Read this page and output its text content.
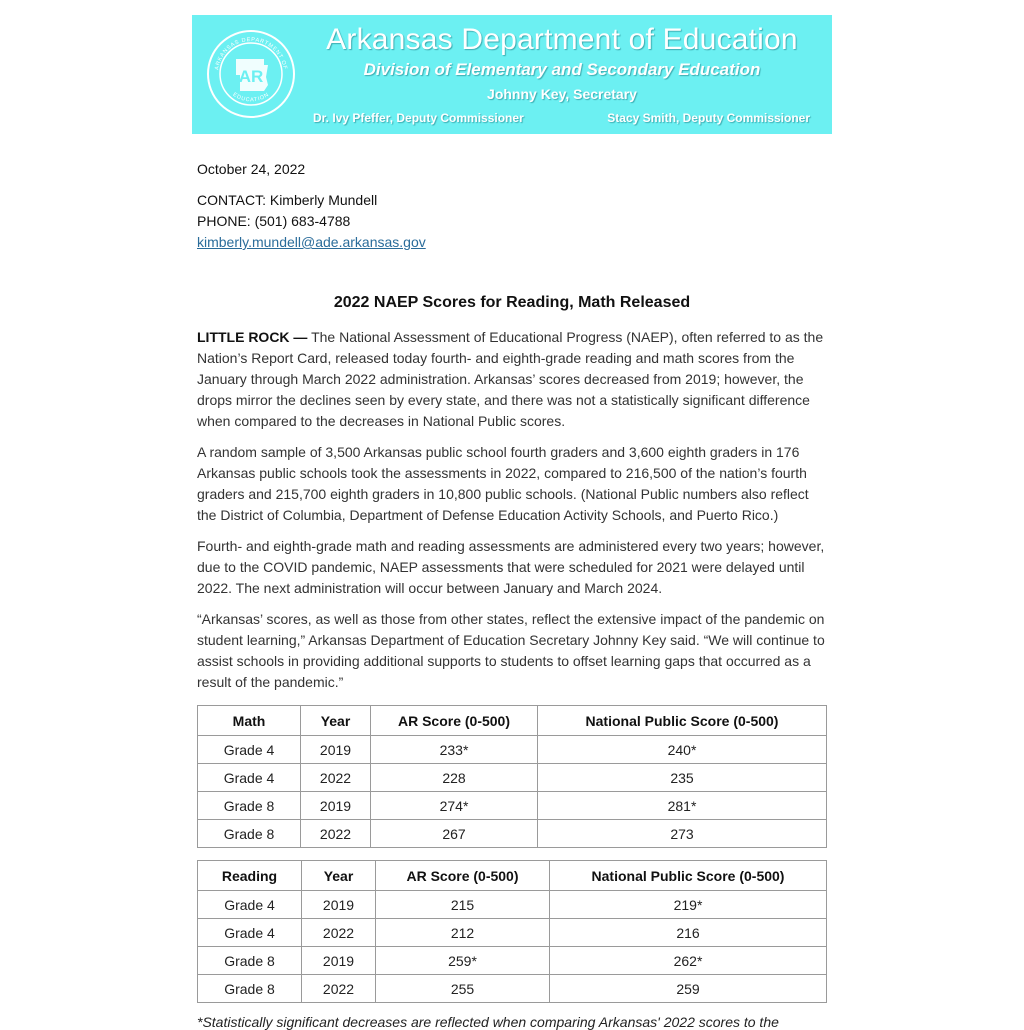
AR
ARKANSAS DEPARTMENT OF
EDUCATION
Arkansas Department of Education
Division of Elementary and Secondary Education
Johnny Key, Secretary
Dr. Ivy Pfeffer, Deputy Commissioner	Stacy Smith, Deputy Commissioner
October 24, 2022
CONTACT: Kimberly Mundell
PHONE: (501) 683-4788
kimberly.mundell@ade.arkansas.gov
2022 NAEP Scores for Reading, Math Released

LITTLE ROCK — The National Assessment of Educational Progress (NAEP), often referred to as the Nation’s Report Card, released today fourth- and eighth-grade reading and math scores from the January through March 2022 administration. Arkansas’ scores decreased from 2019; however, the drops mirror the declines seen by every state, and there was not a statistically significant difference when compared to the decreases in National Public scores.

A random sample of 3,500 Arkansas public school fourth graders and 3,600 eighth graders in 176 Arkansas public schools took the assessments in 2022, compared to 216,500 of the nation’s fourth graders and 215,700 eighth graders in 10,800 public schools. (National Public numbers also reflect the District of Columbia, Department of Defense Education Activity Schools, and Puerto Rico.)

Fourth- and eighth-grade math and reading assessments are administered every two years; however, due to the COVID pandemic, NAEP assessments that were scheduled for 2021 were delayed until 2022. The next administration will occur between January and March 2024.

“Arkansas’ scores, as well as those from other states, reflect the extensive impact of the pandemic on student learning,” Arkansas Department of Education Secretary Johnny Key said. “We will continue to assist schools in providing additional supports to students to offset learning gaps that occurred as a result of the pandemic.”

Math	Year	AR Score (0-500)	National Public Score (0-500)
Grade 4	2019	233*	240*
Grade 4	2022	228	235
Grade 8	2019	274*	281*
Grade 8	2022	267	273
Reading	Year	AR Score (0-500)	National Public Score (0-500)
Grade 4	2019	215	219*
Grade 4	2022	212	216
Grade 8	2019	259*	262*
Grade 8	2022	255	259
*Statistically significant decreases are reflected when comparing Arkansas' 2022 scores to the
